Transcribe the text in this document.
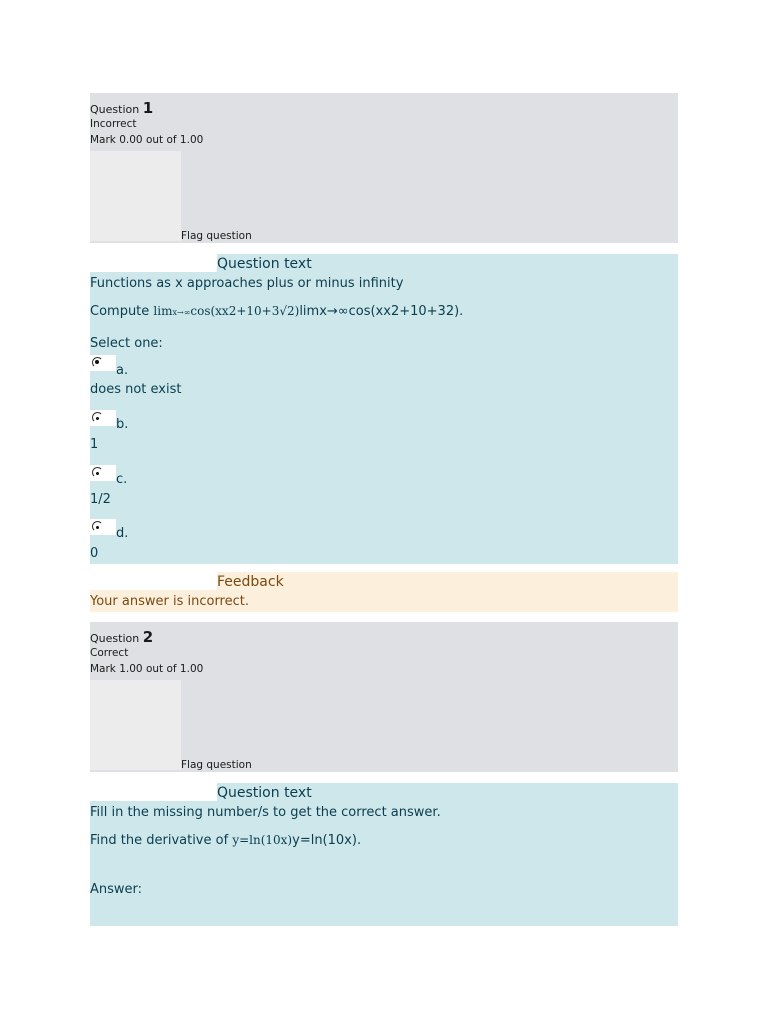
Question 1
Incorrect
Mark 0.00 out of 1.00
Flag question
Question text
Functions as x approaches plus or minus infinity
Compute limx→∞cos(xx2+10+3√2)limx→∞cos(xx2+10+32).
Select one:
a.
does not exist
b.
1
c.
1/2
d.
0
Feedback
Your answer is incorrect.
Question 2
Correct
Mark 1.00 out of 1.00
Flag question
Question text
Fill in the missing number/s to get the correct answer.
Find the derivative of y=ln(10x)y=ln(10x).
Answer:
